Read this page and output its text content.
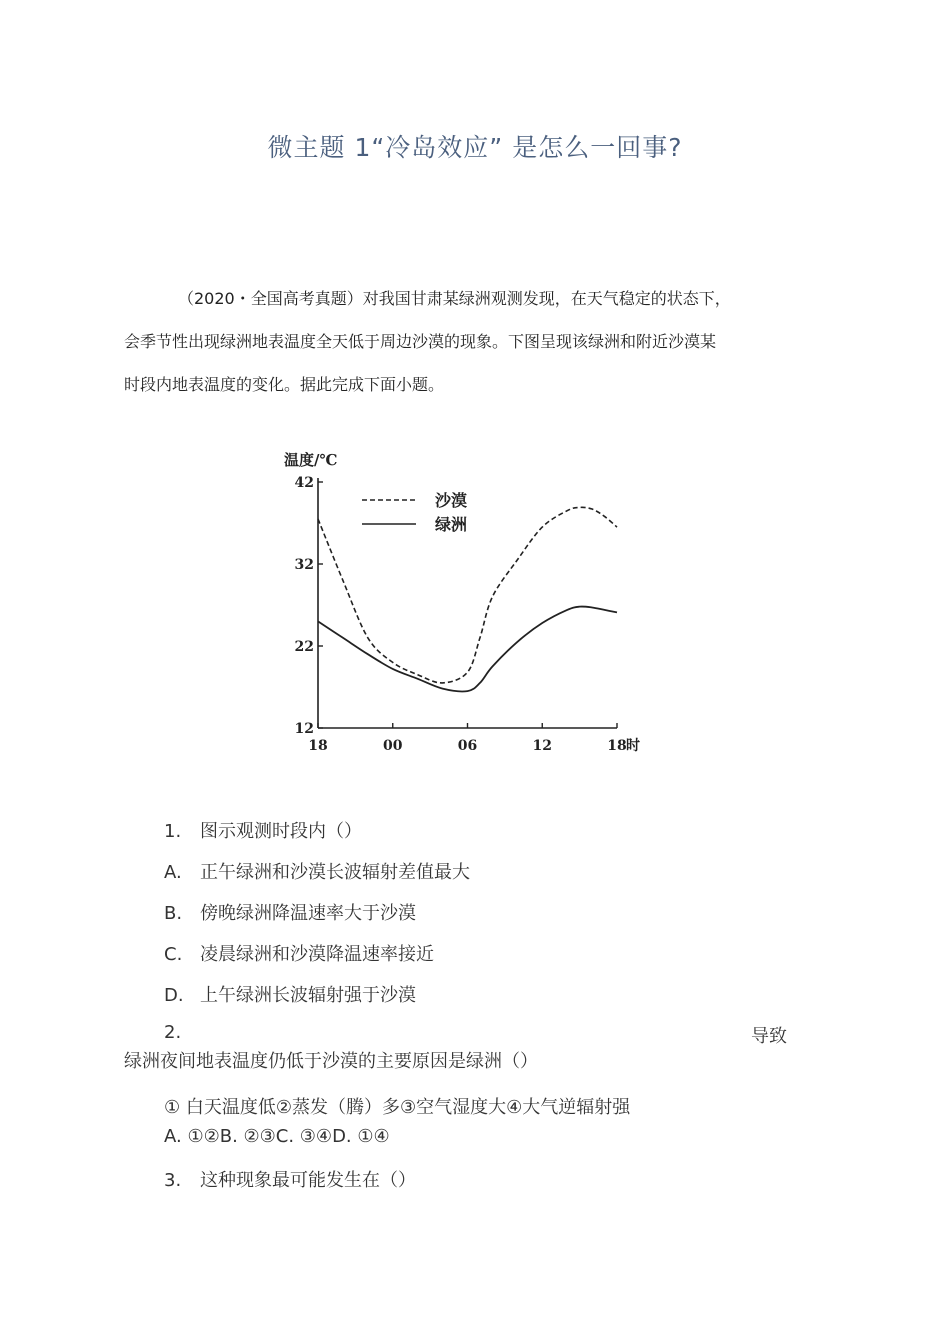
微主题 1“冷岛效应” 是怎么一回事?
（2020・全国高考真题）对我国甘肃某绿洲观测发现，在天气稳定的状态下，
会季节性出现绿洲地表温度全天低于周边沙漠的现象。下图呈现该绿洲和附近沙漠某
时段内地表温度的变化。据此完成下面小题。
温度/℃
12
22
32
42
18	00	06	12	18 时
沙漠
绿洲
1. 图示观测时段内（）
A. 正午绿洲和沙漠长波辐射差值最大
B. 傍晚绿洲降温速率大于沙漠
C. 凌晨绿洲和沙漠降温速率接近
D. 上午绿洲长波辐射强于沙漠
2.	导致
绿洲夜间地表温度仍低于沙漠的主要原因是绿洲（）
① 白天温度低②蒸发（腾）多③空气湿度大④大气逆辐射强
A. ①②B. ②③C. ③④D. ①④
3. 这种现象最可能发生在（）
